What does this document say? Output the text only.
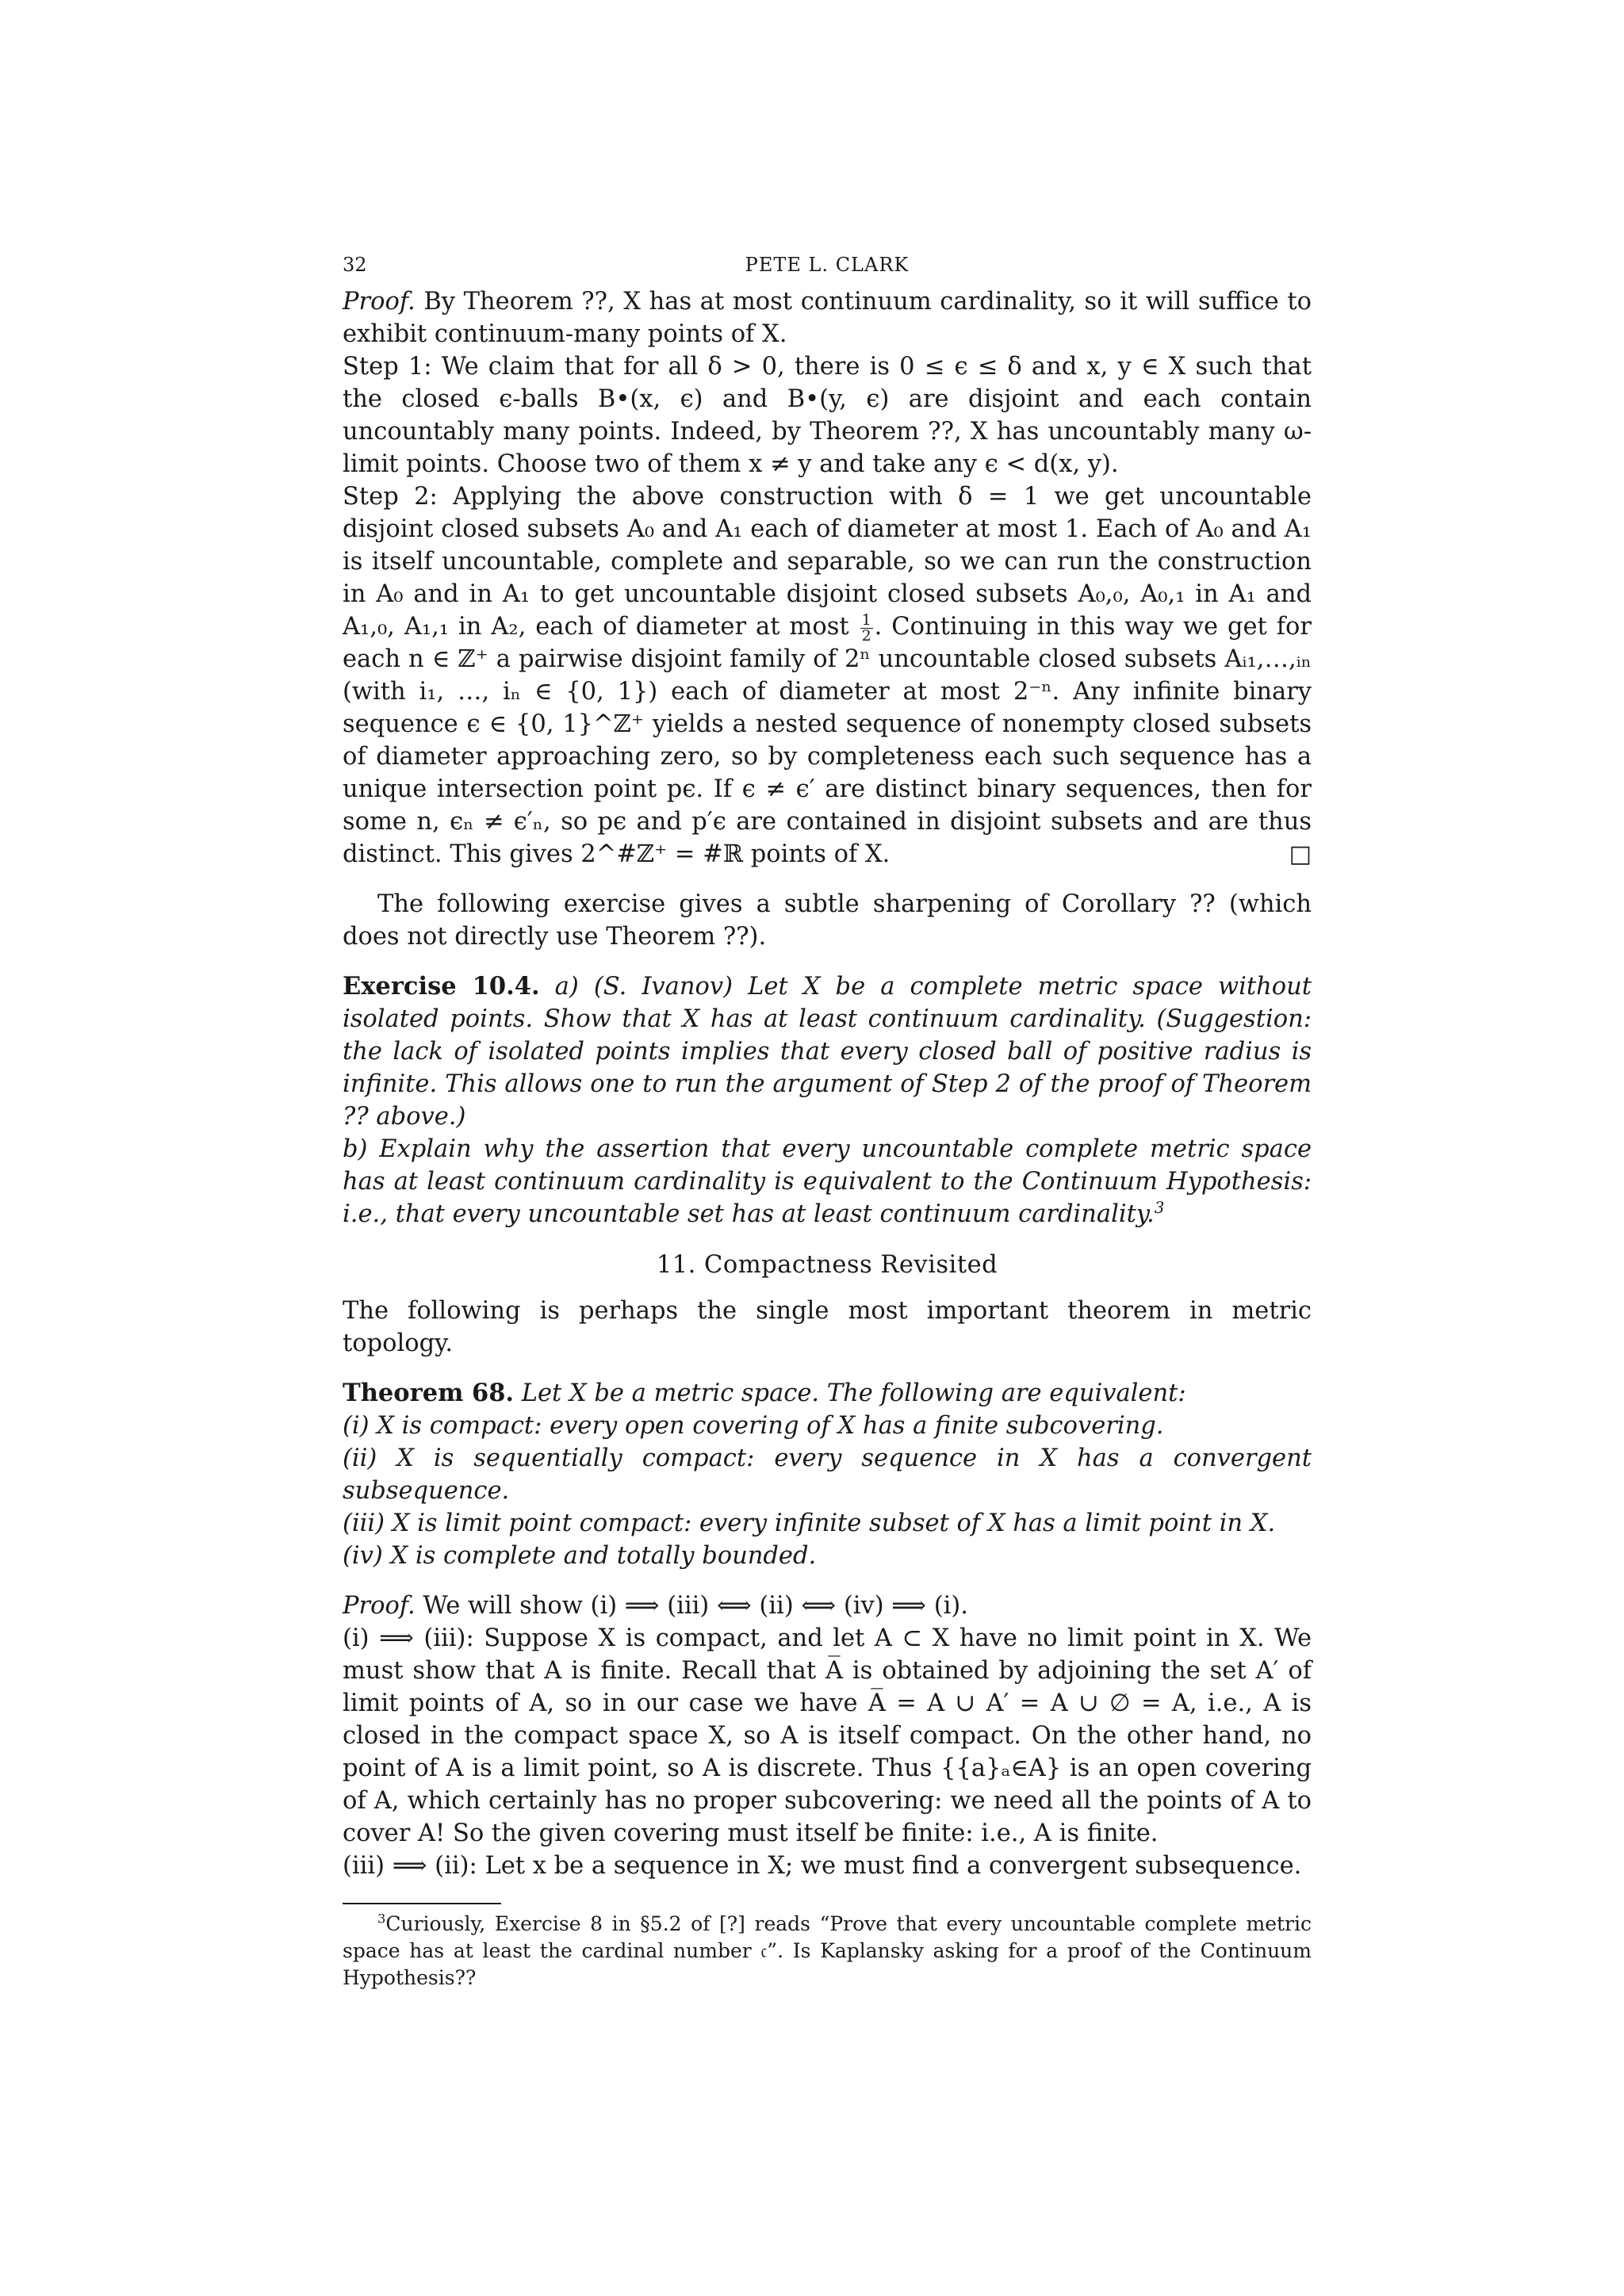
32	PETE L. CLARK

Proof. By Theorem ??, X has at most continuum cardinality, so it will suffice to exhibit continuum-many points of X.

Step 1: We claim that for all δ > 0, there is 0 ≤ ϵ ≤ δ and x, y ∈ X such that the closed ϵ-balls B•(x, ϵ) and B•(y, ϵ) are disjoint and each contain uncountably many points. Indeed, by Theorem ??, X has uncountably many ω-limit points. Choose two of them x ≠ y and take any ϵ < d(x, y).

Step 2: Applying the above construction with δ = 1 we get uncountable disjoint closed subsets A₀ and A₁ each of diameter at most 1. Each of A₀ and A₁ is itself uncountable, complete and separable, so we can run the construction in A₀ and in A₁ to get uncountable disjoint closed subsets A₀,₀, A₀,₁ in A₁ and A₁,₀, A₁,₁ in A₂, each of diameter at most $\frac{1}{2}$ . Continuing in this way we get for each n ∈ ℤ⁺ a pairwise disjoint family of 2ⁿ uncountable closed subsets Aᵢ₁,…,ᵢₙ (with i₁, …, iₙ ∈ {0, 1}) each of diameter at most 2⁻ⁿ. Any infinite binary sequence ϵ ∈ {0, 1}^ℤ⁺ yields a nested sequence of nonempty closed subsets of diameter approaching zero, so by completeness each such sequence has a unique intersection point pϵ. If ϵ ≠ ϵ′ are distinct binary sequences, then for some n, ϵₙ ≠ ϵ′ₙ, so pϵ and p′ϵ are contained in disjoint subsets and are thus distinct. This gives 2^#ℤ⁺ = #ℝ points of X.	□

The following exercise gives a subtle sharpening of Corollary ?? (which does not directly use Theorem ??).

Exercise 10.4. a) (S. Ivanov) Let X be a complete metric space without isolated points. Show that X has at least continuum cardinality. (Suggestion: the lack of isolated points implies that every closed ball of positive radius is infinite. This allows one to run the argument of Step 2 of the proof of Theorem ?? above.)

b) Explain why the assertion that every uncountable complete metric space has at least continuum cardinality is equivalent to the Continuum Hypothesis: i.e., that every uncountable set has at least continuum cardinality.$^3$

11. Compactness Revisited

The following is perhaps the single most important theorem in metric topology.

Theorem 68. Let X be a metric space. The following are equivalent:

(i) X is compact: every open covering of X has a finite subcovering.

(ii) X is sequentially compact: every sequence in X has a convergent subsequence.

(iii) X is limit point compact: every infinite subset of X has a limit point in X.

(iv) X is complete and totally bounded.

Proof. We will show (i) ⟹ (iii) ⟺ (ii) ⟺ (iv) ⟹ (i).

(i) ⟹ (iii): Suppose X is compact, and let A ⊂ X have no limit point in X. We must show that A is finite. Recall that A̅ is obtained by adjoining the set A′ of limit points of A, so in our case we have A̅ = A ∪ A′ = A ∪ ∅ = A, i.e., A is closed in the compact space X, so A is itself compact. On the other hand, no point of A is a limit point, so A is discrete. Thus {{a}ₐ∈A} is an open covering of A, which certainly has no proper subcovering: we need all the points of A to cover A! So the given covering must itself be finite: i.e., A is finite.

(iii) ⟹ (ii): Let x be a sequence in X; we must find a convergent subsequence.

$^3$Curiously, Exercise 8 in §5.2 of [?] reads “Prove that every uncountable complete metric space has at least the cardinal number 𝔠”. Is Kaplansky asking for a proof of the Continuum Hypothesis??
